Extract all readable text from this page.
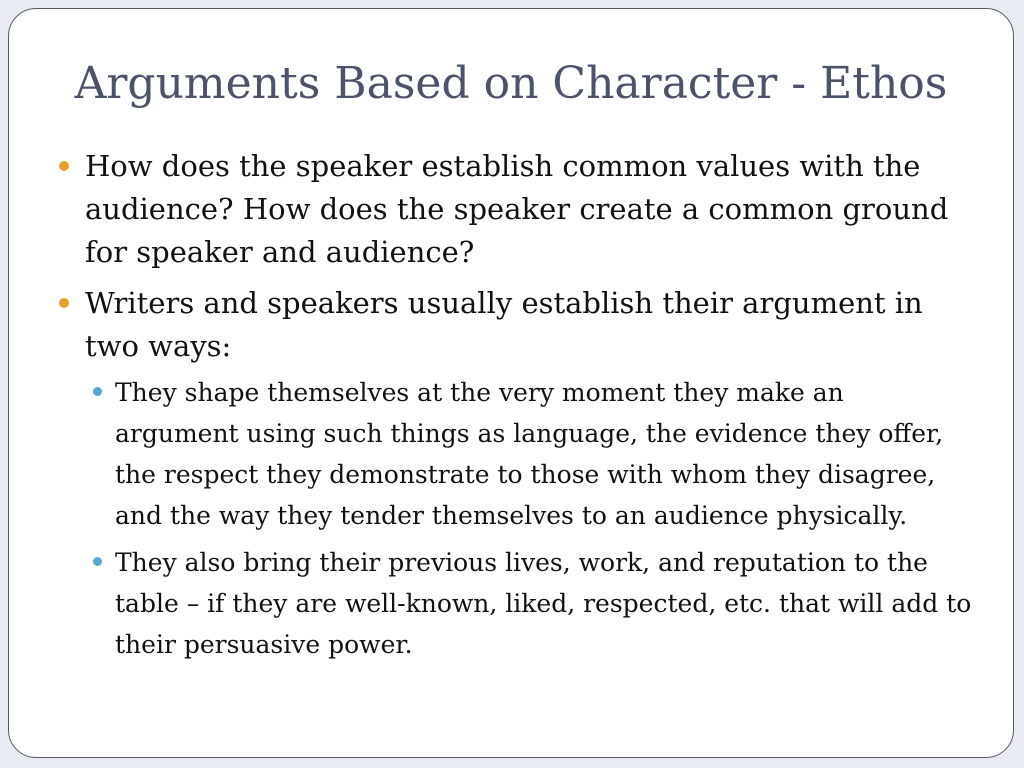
Arguments Based on Character - Ethos
How does the speaker establish common values with the audience? How does the speaker create a common ground for speaker and audience?
Writers and speakers usually establish their argument in two ways:
They shape themselves at the very moment they make an argument using such things as language, the evidence they offer, the respect they demonstrate to those with whom they disagree, and the way they tender themselves to an audience physically.
They also bring their previous lives, work, and reputation to the table – if they are well-known, liked, respected, etc. that will add to their persuasive power.
